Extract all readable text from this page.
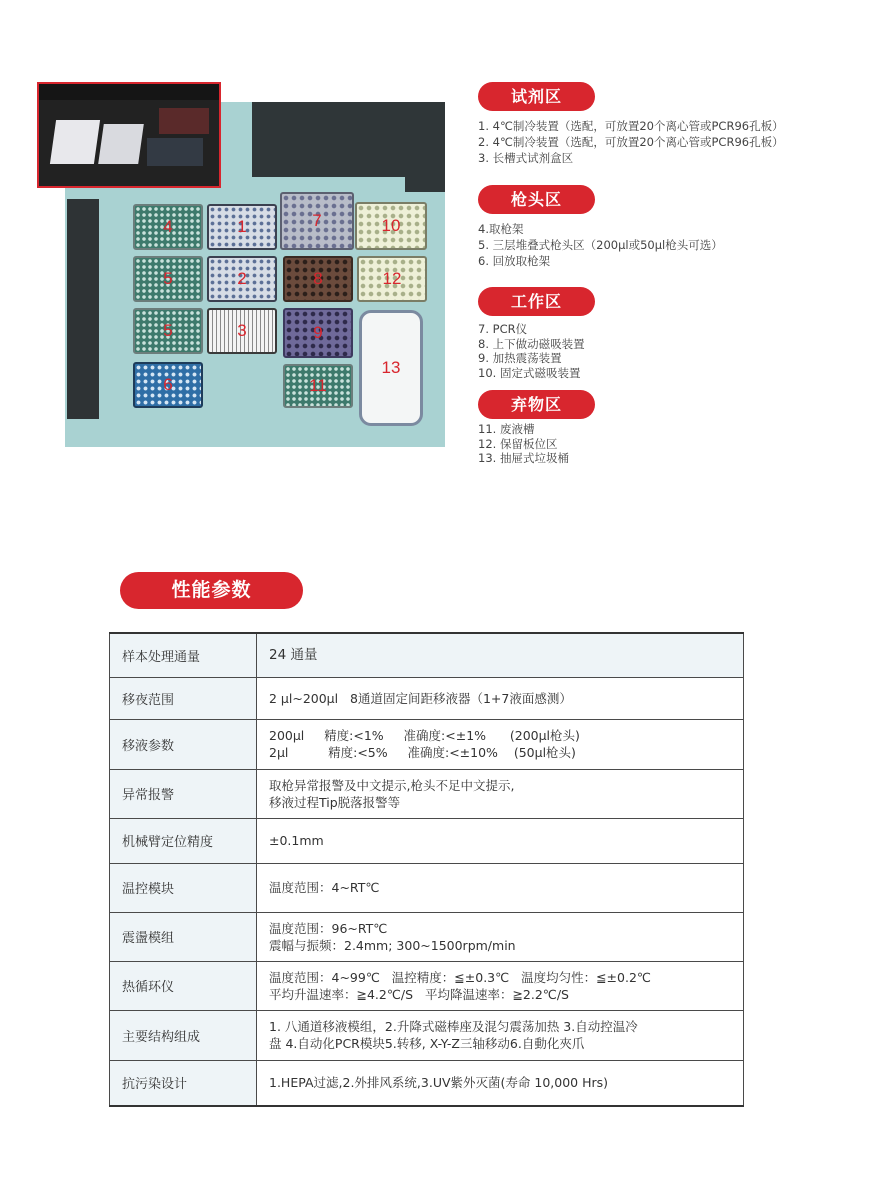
4	1	7	10
5	2	8	12
5	3	9
13
6	11
试剂区
1. 4℃制冷装置（选配，可放置20个离心管或PCR96孔板）
2. 4℃制冷装置（选配，可放置20个离心管或PCR96孔板）
3. 长槽式试剂盒区
枪头区
4.取枪架
5. 三层堆叠式枪头区（200μl或50μl枪头可选）
6. 回放取枪架
工作区
7. PCR仪
8. 上下做动磁吸装置
9. 加热震荡装置
10. 固定式磁吸装置
弃物区
11. 废液槽
12. 保留板位区
13. 抽屉式垃圾桶
性能参数
样本处理通量	24 通量

移夜范围	2 μl~200μl   8通道固定间距移液器（1+7液面感测）

移液参数	200μl     精度:<1%     准确度:<±1%      (200μl枪头)
2μl          精度:<5%     准确度:<±10%    (50μl枪头)

异常报警	取枪异常报警及中文提示,枪头不足中文提示,
移液过程Tip脱落报警等

机械臂定位精度	±0.1mm

温控模块	温度范围：4~RT℃

震盪模组	温度范围：96~RT℃
震幅与振频：2.4mm; 300~1500rpm/min

热循环仪	温度范围：4~99℃   温控精度：≦±0.3℃   温度均匀性：≦±0.2℃
平均升温速率：≧4.2℃/S   平均降温速率：≧2.2℃/S

主要结构组成	1. 八通道移液模组，2.升降式磁棒座及混匀震荡加热 3.自动控温冷
盘 4.自动化PCR模块5.转移, X-Y-Z三轴移动6.自動化夾爪

抗污染设计	1.HEPA过滤,2.外排风系统,3.UV紫外灭菌(寿命 10,000 Hrs)
